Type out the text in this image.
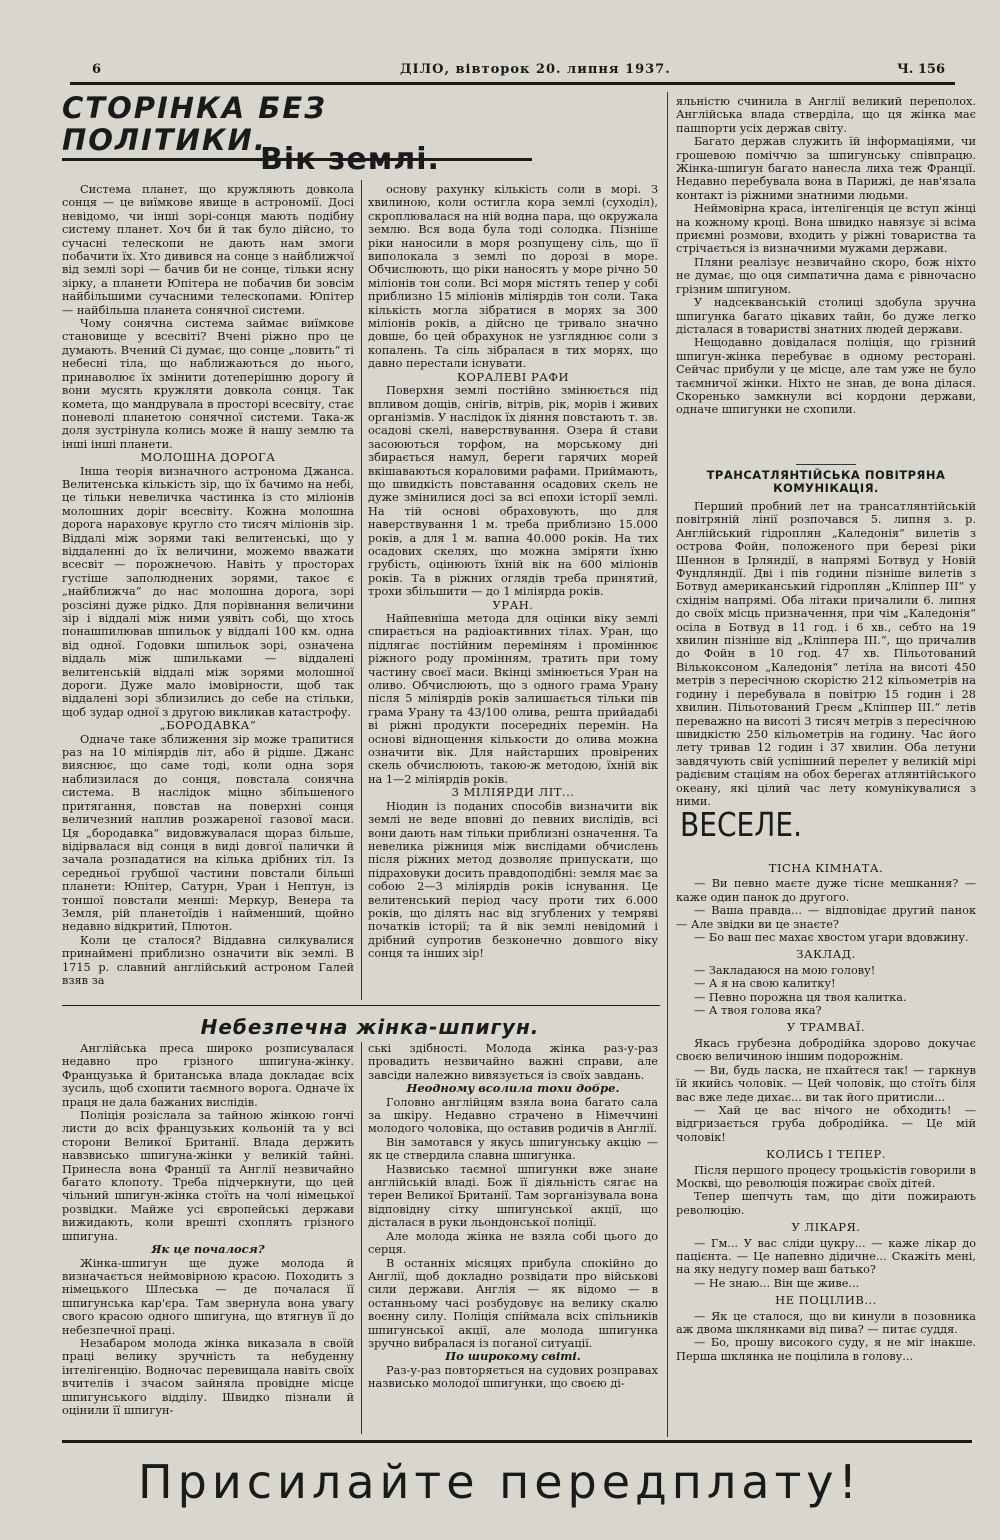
6	ДІЛО, вівторок 20. липня 1937.	Ч. 156
СТОРІНКА БЕЗ ПОЛІТИКИ.
Вік землі.

Система планет, що кружляють довкола сонця — це виїмкове явище в астрономії. Досі невідомо, чи інші зорі-сонця мають подібну систему планет. Хоч би й так було дійсно, то сучасні телескопи не дають нам змоги побачити їх. Хто дивився на сонце з найближчої від землі зорі — бачив би не сонце, тільки ясну зірку, а планети Юпітера не побачив би зовсім найбільшими сучасними телескопами. Юпітер — найбільша планета сонячної системи.

Чому сонячна система займає виїмкове становище у всесвіті? Вчені ріжно про це думають. Вчений Сі думає, що сонце „ловить“ ті небесні тіла, що наближаються до нього, принаволює їх змінити дотеперішню дорогу й вони мусять кружляти довкола сонця. Так комета, що мандрувала в просторі всесвіту, стає поневолі планетою сонячної системи. Така-ж доля зустрінула колись може й нашу землю та інші інші планети.

МОЛОШНА ДОРОГА

Інша теорія визначного астронома Джанса. Велитенська кількість зір, що їх бачимо на небі, це тільки невеличка частинка із сто міліонів молошних доріг всесвіту. Кожна молошна дорога нараховує кругло сто тисяч міліонів зір. Віддалі між зорями такі велитенські, що у віддаленні до їх величини, можемо вважати всесвіт — порожнечою. Навіть у просторах густіше заполюднених зорями, такоє є „найближча“ до нас молошна дорога, зорі розсіяні дуже рідко. Для порівнання величини зір і віддалі між ними уявіть собі, що хтось понашпилював шпильок у віддалі 100 км. одна від одної. Годовки шпильок зорі, означена віддаль між шпильками — віддалені велитенській віддалі між зорями молошної дороги. Дуже мало імовірности, щоб так віддалені зорі зблизились до себе на стільки, щоб зудар одної з другою викликав катастрофу.

„БОРОДАВКА“

Одначе таке зближення зір може трапитися раз на 10 міліярдів літ, або й рідше. Джанс вияснює, що саме тоді, коли одна зоря наблизилася до сонця, повстала сонячна система. В наслідок міцно збільшеного притягання, повстав на поверхні сонця величезний наплив розжареної газової маси. Ця „бородавка“ видовжувалася щораз більше, відірвалася від сонця в виді довгої палички й зачала розпадатися на кілька дрібних тіл. Із середньої грубшої частини повстали більші планети: Юпітер, Сатурн, Уран і Нептун, із тоншої повстали менші: Меркур, Венера та Земля, рій планетоїдів і найменший, щойно недавно відкритий, Плютон.

Коли це сталося? Віддавна силкувалися принаймені приблизно означити вік землі. В 1715 р. славний англійський астроном Галей взяв за

основу рахунку кількість соли в морі. З хвилиною, коли остигла кора землі (суходіл), скроплювалася на ній водна пара, що окружала землю. Вся вода була тоді солодка. Пізніше ріки наносили в моря розпущену сіль, що її виполокала з землі по дорозі в море. Обчислюють, що ріки наносять у море річно 50 міліонів тон соли. Всі моря містять тепер у собі приблизно 15 міліонів міліярдів тон соли. Така кількість могла зібратися в морях за 300 міліонів років, а дійсно це тривало значно довше, бо цей обрахунок не узгляднює соли з копалень. Та сіль зібралася в тих морях, що давно перестали існувати.

КОРАЛЕВІ РАФИ

Поверхня землі постійно змінюється під впливом дощів, снігів, вітрів, рік, морів і живих організмів. У наслідок їх діяння повстають т. зв. осадові скелі, наверствування. Озера й стави засоюються торфом, на морському дні збирається намул, береги гарячих морей вкішаваються кораловими рафами. Приймають, що швидкість повставання осадових скель не дуже змінилися досі за всі епохи історії землі. На тій основі обраховують, що для наверствування 1 м. треба приблизно 15.000 років, а для 1 м. вапна 40.000 років. На тих осадових скелях, що можна зміряти їхню грубість, оцінюють їхній вік на 600 міліонів років. Та в ріжних оглядів треба принятий, трохи збільшити — до 1 міліярда років.

УРАН.

Найпевніша метода для оцінки віку землі спирається на радіоактивних тілах. Уран, що підлягає постійним переміням і проміннює ріжного роду промінням, тратить при тому частину своєї маси. Вкінці змінюється Уран на оливо. Обчислюють, що з одного грама Урану після 5 міліярдів років залишається тільки пів грама Урану та 43/100 олива, решта прийадабі ві ріжні продукти посередніх перемін. На основі віднощення кількости до олива можна означити вік. Для найстарших провірених скель обчислюють, такою-ж методою, їхній вік на 1—2 міліярдів років.

3 МІЛІЯРДИ ЛІТ...

Ніодин із поданих способів визначити вік землі не веде вповні до певних вислідів, всі вони дають нам тільки приблизні означення. Та невелика ріжниця між вислідами обчислень після ріжних метод дозволяє припускати, що підраховуки досить правдоподібні: земля має за собою 2—3 міліярдів років існування. Це велитенський період часу проти тих 6.000 років, що ділять нас від згублених у темряві початків історії; та й вік землі невідомий і дрібний супротив безконечно довшого віку сонця та інших зір!

яльністю счинила в Англії великий переполох. Англійська влада стверділа, що ця жінка має пашпорти усіх держав світу.

Багато держав служить їй інформаціями, чи грошевою поміччю за шпигунську співпрацю. Жінка-шпигун багато нанесла лиха теж Франції. Недавно перебувала вона в Парижі, де нав'язала контакт із ріжними знатними людьми.

Неймовірна краса, інтелігенція це вступ жінці на кожному кроці. Вона швидко навязує зі всіма приємні розмови, входить у ріжні товариства та стрічається із визначними мужами держави.

Пляни реалізує незвичайно скоро, бож ніхто не думає, що оця симпатична дама є рівночасно грізним шпигуном.

У надсеквaнській столиці здобула зручна шпигунка багато цікавих тайн, бо дуже легко дісталася в товаристві знатних людей держави.

Нещодавно довідалася поліція, що грізний шпигун-жінка перебуває в одному ресторані. Сейчас прибули у це місце, але там уже не було таємничої жінки. Ніхто не знав, де вона ділася. Скоренько замкнули всі кордони держави, одначе шпигунки не схопили.

ТРАНСАТЛЯНТІЙСЬКА ПОВІТРЯНА КОМУНІКАЦІЯ.

Перший пробний лет на трансатлянтійській повітряній лінії розпочався 5. липня з. р. Англійський гідроплян „Каледонія“ вилетів з острова Фойн, положеного при березі ріки Шеннон в Ірляндії, в напрямі Ботвуд у Новій Фундляндії. Дві і пів години пізніше вилетів з Ботвуд американський гідроплян „Кліппер III“ у східнім напрямі. Оба літаки причалили 6. липня до своїх місць призначення, при чім „Каледонія“ осіла в Ботвуд в 11 год. і 6 хв., себто на 19 хвилин пізніше від „Кліппера III.“, що причалив до Фойн в 10 год. 47 хв. Пільотований Вількоксоном „Каледонія“ летіла на висоті 450 метрів з пересічною скорістю 212 кільометрів на годину і перебувала в повітрю 15 годин і 28 хвилин. Пільотований Греєм „Кліппер III.“ летів переважно на висоті 3 тисяч метрів з пересічною швидкістю 250 кільометрів на годину. Час його лету тривав 12 годин і 37 хвилин. Оба летуни завдячують свій успішний перелет у великій мірі радієвим стаціям на обох берегах атлянтійського океану, які цілий час лету комунікувалися з ними.

ВЕСЕЛЕ.
ТІСНА КІМНАТА.

— Ви певно маєте дуже тісне мешкання? — каже один панок до другого.

— Ваша правда... — відповідає другий панок — Але звідки ви це знаєте?

— Бо ваш пес махає хвостом угари вдовжину.

ЗАКЛАД.

— Закладаюся на мою голову!

— А я на свою калитку!

— Певно порожна ця твоя калитка.

— А твоя голова яка?

У ТРАМВАЇ.

Якась грубезна добродійка здорово докучає своєю величиною іншим подорожнім.

— Ви, будь ласка, не пхайтеся так! — гаркнув їй якийсь чоловік. — Цей чоловік, що стоїть біля вас вже леде дихає... ви так його притисли...

— Хай це вас нічого не обходить! — відгризається груба добродійка. — Це мій чоловік!

КОЛИСЬ І ТЕПЕР.

Після першого процесу троцькістів говорили в Москві, що революція пожирає своїх дітей.

Тепер шепчуть там, що діти пожирають революцію.

У ЛІКАРЯ.

— Гм... У вас сліди цукру... — каже лікар до пацієнта. — Це напевно дідичне... Скажіть мені, на яку недугу помер ваш батько?

— Не знаю... Він ще живе...

НЕ ПОЦІЛИВ...

— Як це сталося, що ви кинули в позовника аж двома шклянками від пива? — питає суддя.

— Бо, прошу високого суду, я не міг інакше. Перша шклянка не поцілила в голову...

Небезпечна жінка-шпигун.

Англійська преса широко розписувалася недавно про грізного шпигуна-жінку. Французька й британська влада докладає всіх зусиль, щоб схопити таємного ворога. Одначе їх праця не дала бажаних вислідів.

Поліція розіслала за тайною жінкою гончі листи до всіх французьких кольоній та у всі сторони Великої Британії. Влада держить навзвисько шпигуна-жінки у великій тайні. Принесла вона Франції та Англії незвичайно багато клопоту. Треба підчеркнути, що цей чільний шпигун-жінка стоїть на чолі німецької розвідки. Майже усі європейські держави вижидають, коли врешті схоплять грізного шпигуна.

Як це почалося?

Жінка-шпигун ще дуже молода й визначається неймовірною красою. Походить з німецького Шлеська — де почалася її шпигунська кар'єра. Там звернула вона увагу свого красою одного шпигуна, що втягнув її до небезпечної праці.

Незабаром молода жінка виказала в своїй праці велику зручність та небуденну інтелігенцію. Водночас перевищала навіть своїх вчителів і зчасом зайняла провідне місце шпигунського відділу. Швидко пізнали й оцінили її шпигун-

ські здібності. Молода жінка раз-у-раз провадить незвичайно важні справи, але завсіди належно вивязується із своїх завдань.

Неодному всолила тохи добре.

Головно англійцям взяла вона багато сала за шкіру. Недавно страчено в Німеччині молодого чоловіка, що оставив родичів в Англії.

Він замотався у якусь шпигунську акцію — як це ствердила славна шпигунка.

Назвисько таємної шпигунки вже знане англійській владі. Бож її діяльність сягає на терен Великої Британії. Там зорганізувала вона відповідну сітку шпигунської акції, що дісталася в руки льондонської поліції.

Але молода жінка не взяла собі цього до серця.

В останніх місяцях прибула спокійно до Англії, щоб докладно розвідати про військові сили держави. Англія — як відомо — в останньому часі розбудовує на велику скалю воєнну силу. Поліція спіймала всіх спільників шпигунської акції, але молода шпигунка зручно вибралася із поганої ситуації.

По широкому світі.

Раз-у-раз повторяється на судових розправах назвисько молодої шпигунки, що своєю ді-

Присилайте передплату!
